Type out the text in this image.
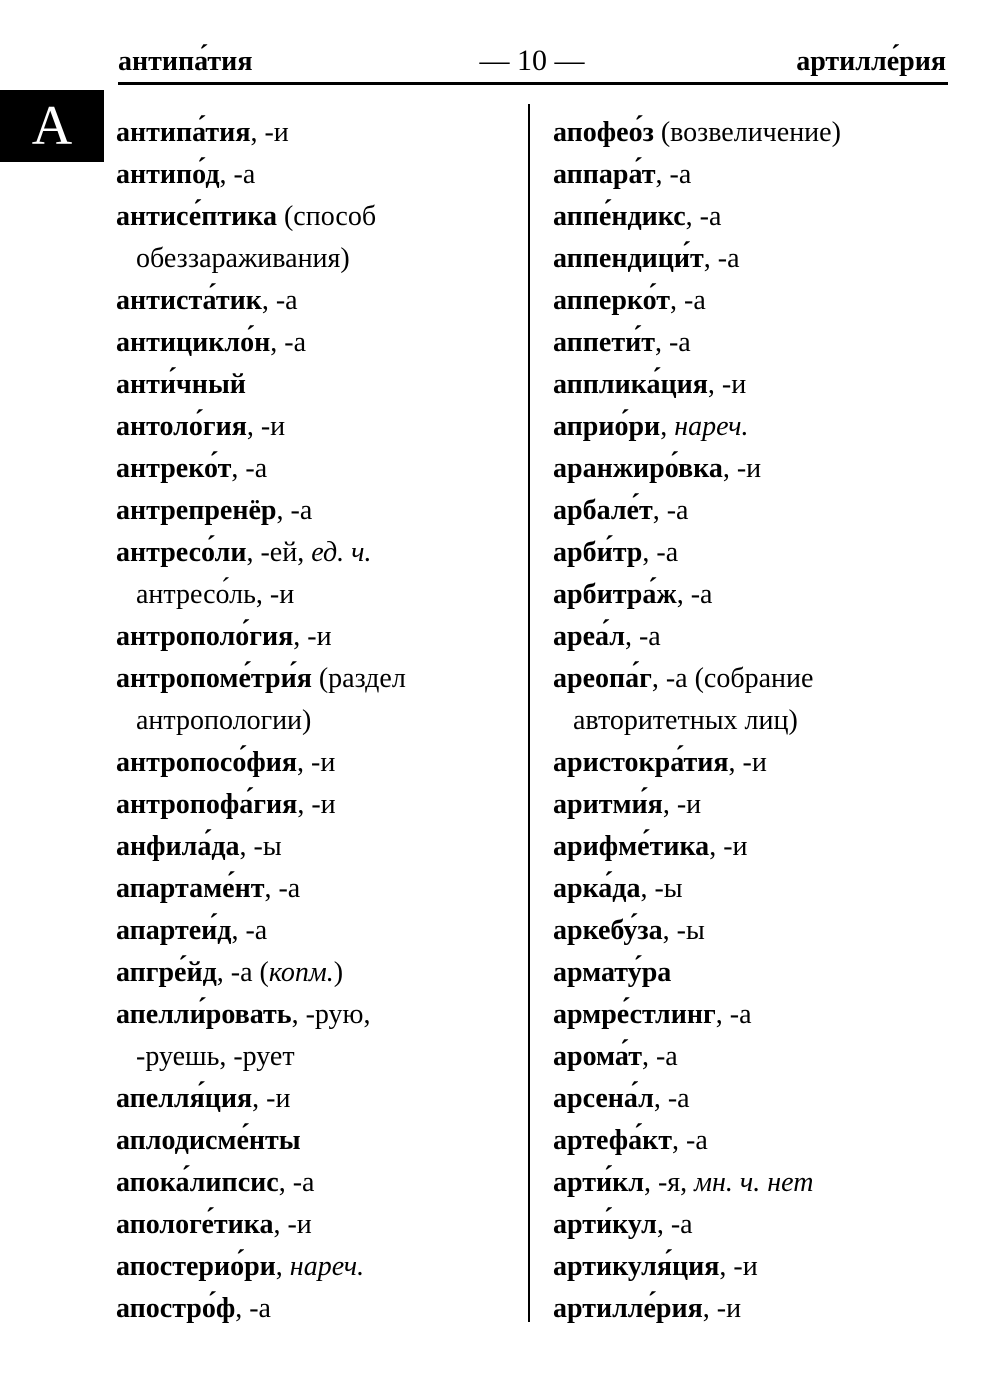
— 10 —
антипа́тия	артилле́рия
А	антипа́тия, -и
антипо́д, -а
антисе́птика (способ
обеззараживания)
антиста́тик, -а
антицикло́н, -а
анти́чный
антоло́гия, -и
антреко́т, -а
антрепренёр, -а
антресо́ли, -ей, ед. ч.
антресо́ль, -и
антрополо́гия, -и
антропоме́три́я (раздел
антропологии)
антропосо́фия, -и
антропофа́гия, -и
анфила́да, -ы
апартаме́нт, -а
апартеи́д, -а
апгре́йд, -а (копм.)
апелли́ровать, -рую,
-руешь, -рует
апелля́ция, -и
аплодисме́нты
апока́липсис, -а
апологе́тика, -и
апостерио́ри, нареч.
апостро́ф, -а
апофео́з (возвеличение)
аппара́т, -а
аппе́ндикс, -а
аппендици́т, -а
апперко́т, -а
аппети́т, -а
апплика́ция, -и
априо́ри, нареч.
аранжиро́вка, -и
арбале́т, -а
арби́тр, -а
арбитра́ж, -а
ареа́л, -а
ареопа́г, -а (собрание
авторитетных лиц)
аристокра́тия, -и
аритми́я, -и
арифме́тика, -и
арка́да, -ы
аркебу́за, -ы
армату́ра
армре́стлинг, -а
арома́т, -а
арсена́л, -а
артефа́кт, -а
арти́кл, -я, мн. ч. нет
арти́кул, -а
артикуля́ция, -и
артилле́рия, -и
